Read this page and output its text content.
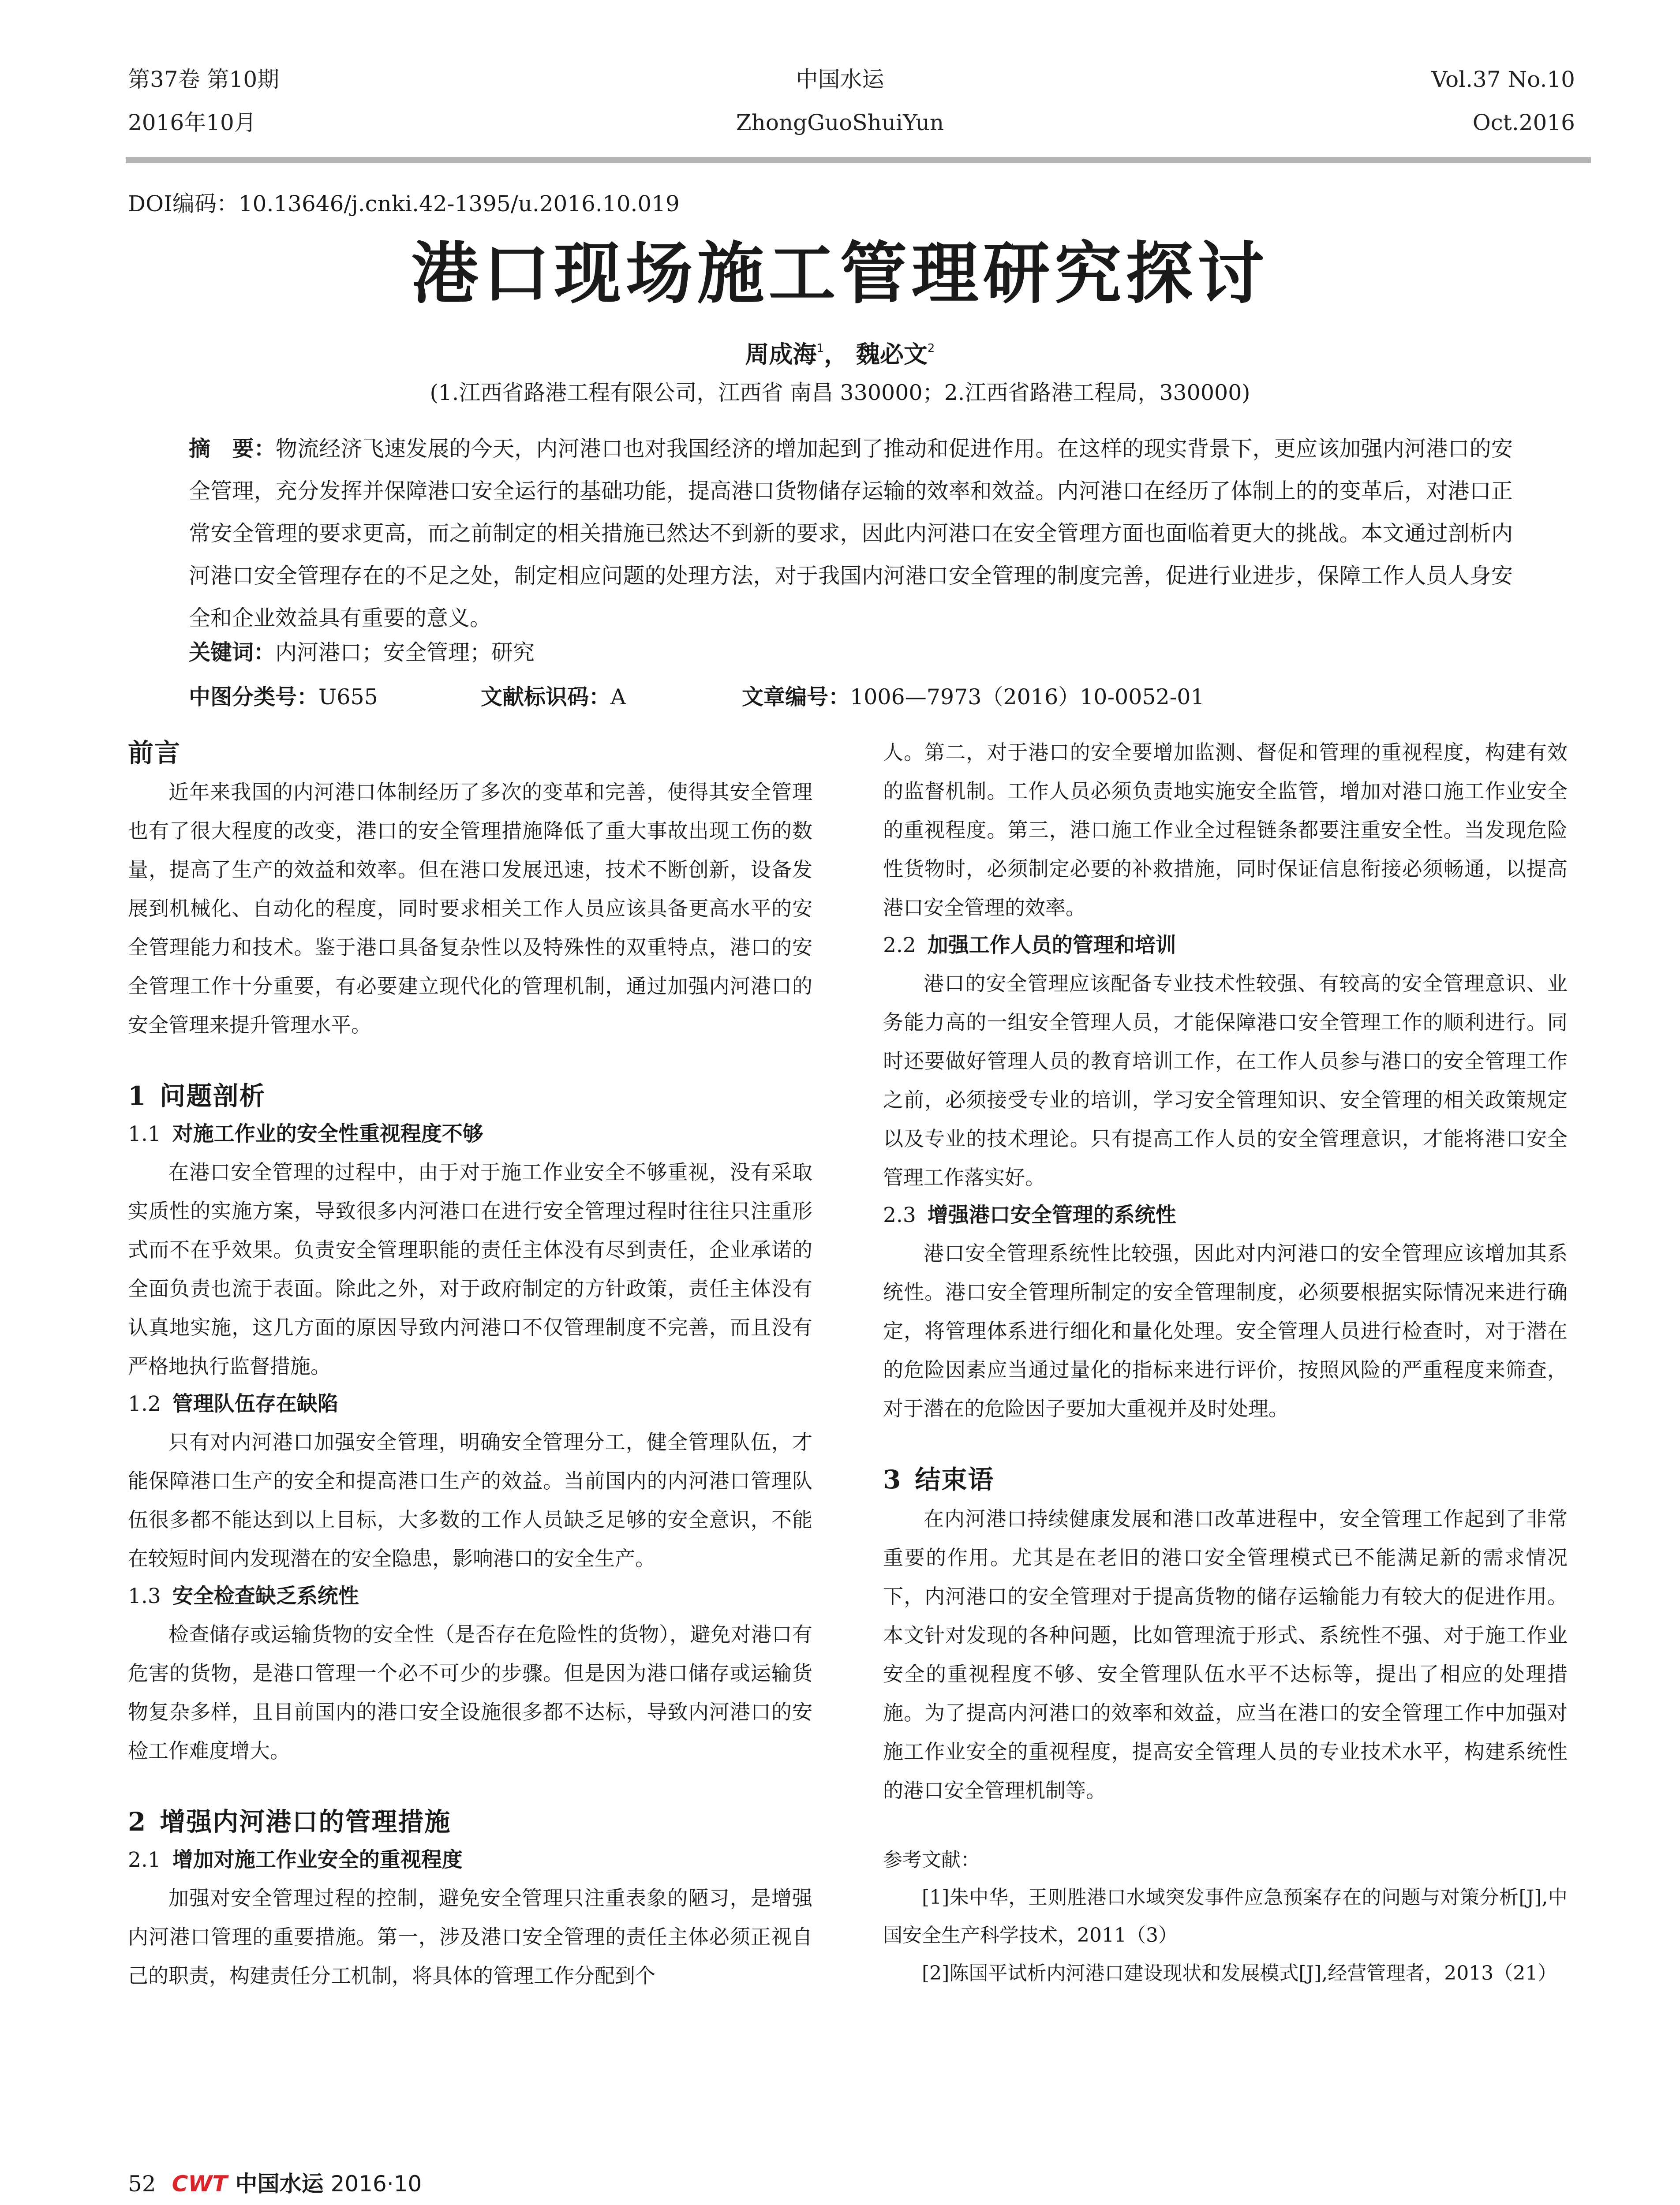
第37卷 第10期
2016年10月
中国水运
ZhongGuoShuiYun
Vol.37 No.10
Oct.2016
DOI编码：10.13646/j.cnki.42-1395/u.2016.10.019
港口现场施工管理研究探讨
周成海$^1$， 魏必文$^2$
(1.江西省路港工程有限公司，江西省 南昌 330000；2.江西省路港工程局，330000)
摘　要：物流经济飞速发展的今天，内河港口也对我国经济的增加起到了推动和促进作用。在这样的现实背景下，更应该加强内河港口的安全管理，充分发挥并保障港口安全运行的基础功能，提高港口货物储存运输的效率和效益。内河港口在经历了体制上的的变革后，对港口正常安全管理的要求更高，而之前制定的相关措施已然达不到新的要求，因此内河港口在安全管理方面也面临着更大的挑战。本文通过剖析内河港口安全管理存在的不足之处，制定相应问题的处理方法，对于我国内河港口安全管理的制度完善，促进行业进步，保障工作人员人身安全和企业效益具有重要的意义。
关键词：内河港口；安全管理；研究
中图分类号：U655	文献标识码：A	文章编号：1006—7973（2016）10-0052-01
前言

近年来我国的内河港口体制经历了多次的变革和完善，使得其安全管理也有了很大程度的改变，港口的安全管理措施降低了重大事故出现工伤的数量，提高了生产的效益和效率。但在港口发展迅速，技术不断创新，设备发展到机械化、自动化的程度，同时要求相关工作人员应该具备更高水平的安全管理能力和技术。鉴于港口具备复杂性以及特殊性的双重特点，港口的安全管理工作十分重要，有必要建立现代化的管理机制，通过加强内河港口的安全管理来提升管理水平。

1 问题剖析
1.1 对施工作业的安全性重视程度不够

在港口安全管理的过程中，由于对于施工作业安全不够重视，没有采取实质性的实施方案，导致很多内河港口在进行安全管理过程时往往只注重形式而不在乎效果。负责安全管理职能的责任主体没有尽到责任，企业承诺的全面负责也流于表面。除此之外，对于政府制定的方针政策，责任主体没有认真地实施，这几方面的原因导致内河港口不仅管理制度不完善，而且没有严格地执行监督措施。

1.2 管理队伍存在缺陷

只有对内河港口加强安全管理，明确安全管理分工，健全管理队伍，才能保障港口生产的安全和提高港口生产的效益。当前国内的内河港口管理队伍很多都不能达到以上目标，大多数的工作人员缺乏足够的安全意识，不能在较短时间内发现潜在的安全隐患，影响港口的安全生产。

1.3 安全检查缺乏系统性

检查储存或运输货物的安全性（是否存在危险性的货物），避免对港口有危害的货物，是港口管理一个必不可少的步骤。但是因为港口储存或运输货物复杂多样，且目前国内的港口安全设施很多都不达标，导致内河港口的安检工作难度增大。

2 增强内河港口的管理措施
2.1 增加对施工作业安全的重视程度

加强对安全管理过程的控制，避免安全管理只注重表象的陋习，是增强内河港口管理的重要措施。第一，涉及港口安全管理的责任主体必须正视自己的职责，构建责任分工机制，将具体的管理工作分配到个

人。第二，对于港口的安全要增加监测、督促和管理的重视程度，构建有效的监督机制。工作人员必须负责地实施安全监管，增加对港口施工作业安全的重视程度。第三，港口施工作业全过程链条都要注重安全性。当发现危险性货物时，必须制定必要的补救措施，同时保证信息衔接必须畅通，以提高港口安全管理的效率。

2.2 加强工作人员的管理和培训

港口的安全管理应该配备专业技术性较强、有较高的安全管理意识、业务能力高的一组安全管理人员，才能保障港口安全管理工作的顺利进行。同时还要做好管理人员的教育培训工作，在工作人员参与港口的安全管理工作之前，必须接受专业的培训，学习安全管理知识、安全管理的相关政策规定以及专业的技术理论。只有提高工作人员的安全管理意识，才能将港口安全管理工作落实好。

2.3 增强港口安全管理的系统性

港口安全管理系统性比较强，因此对内河港口的安全管理应该增加其系统性。港口安全管理所制定的安全管理制度，必须要根据实际情况来进行确定，将管理体系进行细化和量化处理。安全管理人员进行检查时，对于潜在的危险因素应当通过量化的指标来进行评价，按照风险的严重程度来筛查，对于潜在的危险因子要加大重视并及时处理。

3 结束语

在内河港口持续健康发展和港口改革进程中，安全管理工作起到了非常重要的作用。尤其是在老旧的港口安全管理模式已不能满足新的需求情况下，内河港口的安全管理对于提高货物的储存运输能力有较大的促进作用。本文针对发现的各种问题，比如管理流于形式、系统性不强、对于施工作业安全的重视程度不够、安全管理队伍水平不达标等，提出了相应的处理措施。为了提高内河港口的效率和效益，应当在港口的安全管理工作中加强对施工作业安全的重视程度，提高安全管理人员的专业技术水平，构建系统性的港口安全管理机制等。

参考文献：

[1]朱中华，王则胜港口水域突发事件应急预案存在的问题与对策分析[J],中国安全生产科学技术，2011（3）

[2]陈国平试析内河港口建设现状和发展模式[J],经营管理者，2013（21）

52 CWT 中国水运 2016·10
